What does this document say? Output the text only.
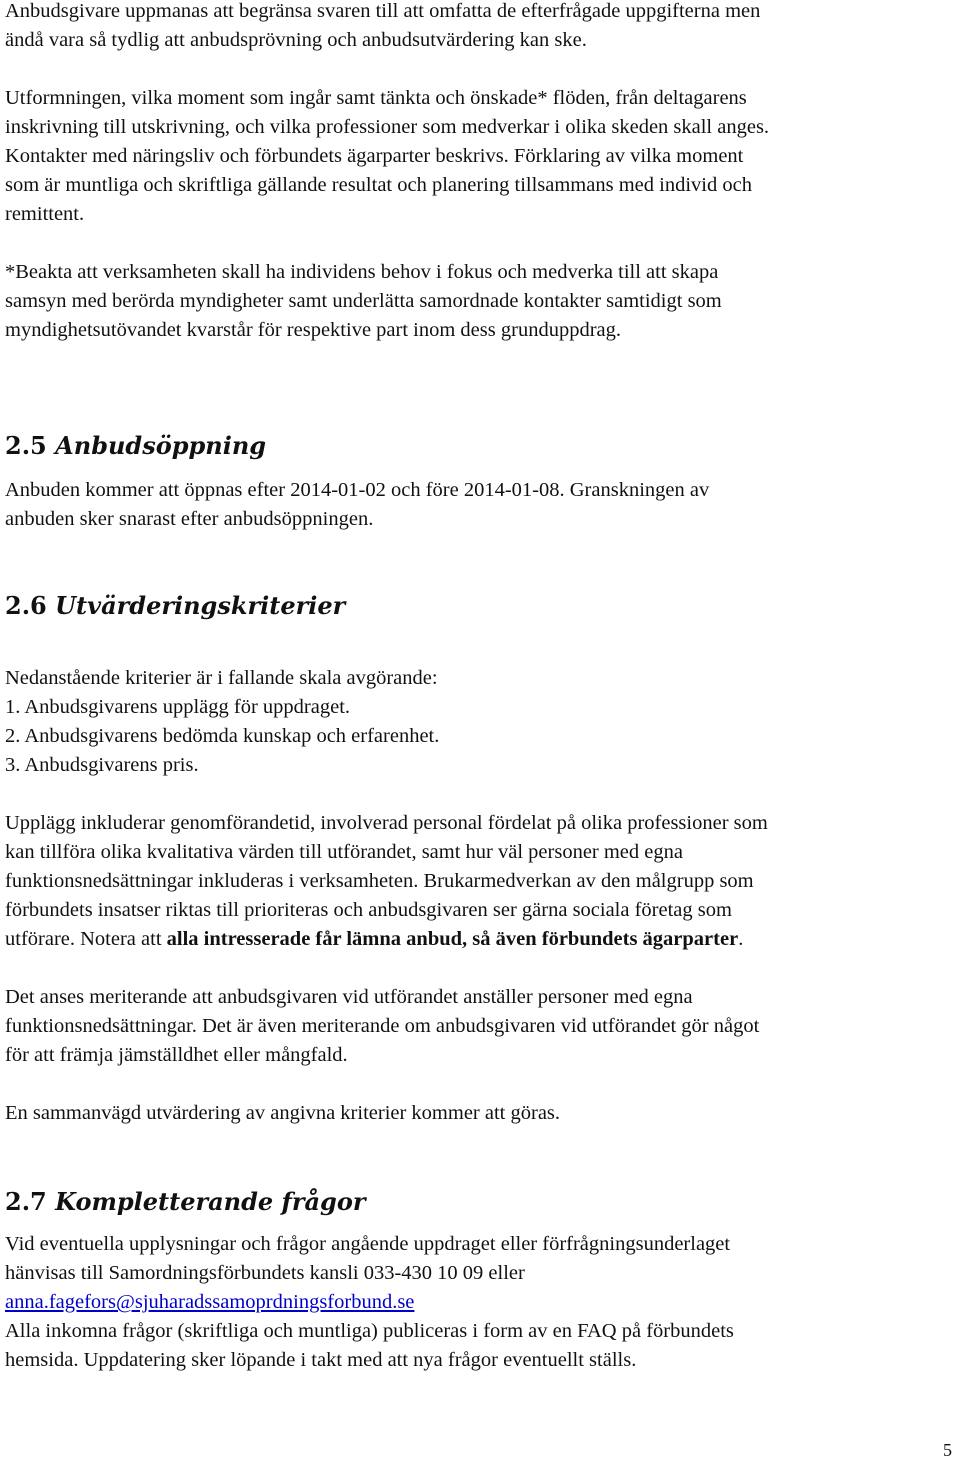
Anbudsgivare uppmanas att begränsa svaren till att omfatta de efterfrågade uppgifterna men
ändå vara så tydlig att anbudsprövning och anbudsutvärdering kan ske.

Utformningen, vilka moment som ingår samt tänkta och önskade* flöden, från deltagarens
inskrivning till utskrivning, och vilka professioner som medverkar i olika skeden skall anges.
Kontakter med näringsliv och förbundets ägarparter beskrivs. Förklaring av vilka moment
som är muntliga och skriftliga gällande resultat och planering tillsammans med individ och
remittent.

*Beakta att verksamheten skall ha individens behov i fokus och medverka till att skapa
samsyn med berörda myndigheter samt underlätta samordnade kontakter samtidigt som
myndighetsutövandet kvarstår för respektive part inom dess grunduppdrag.

2.5 Anbudsöppning

Anbuden kommer att öppnas efter 2014-01-02 och före 2014-01-08. Granskningen av
anbuden sker snarast efter anbudsöppningen.

2.6 Utvärderingskriterier

Nedanstående kriterier är i fallande skala avgörande:
1. Anbudsgivarens upplägg för uppdraget.
2. Anbudsgivarens bedömda kunskap och erfarenhet.
3. Anbudsgivarens pris.

Upplägg inkluderar genomförandetid, involverad personal fördelat på olika professioner som
kan tillföra olika kvalitativa värden till utförandet, samt hur väl personer med egna
funktionsnedsättningar inkluderas i verksamheten. Brukarmedverkan av den målgrupp som
förbundets insatser riktas till prioriteras och anbudsgivaren ser gärna sociala företag som
utförare. Notera att alla intresserade får lämna anbud, så även förbundets ägarparter.

Det anses meriterande att anbudsgivaren vid utförandet anställer personer med egna
funktionsnedsättningar. Det är även meriterande om anbudsgivaren vid utförandet gör något
för att främja jämställdhet eller mångfald.

En sammanvägd utvärdering av angivna kriterier kommer att göras.

2.7 Kompletterande frågor

Vid eventuella upplysningar och frågor angående uppdraget eller förfrågningsunderlaget
hänvisas till Samordningsförbundets kansli 033-430 10 09 eller
anna.fagefors@sjuharadssamoprdningsforbund.se
Alla inkomna frågor (skriftliga och muntliga) publiceras i form av en FAQ på förbundets
hemsida. Uppdatering sker löpande i takt med att nya frågor eventuellt ställs.

5
